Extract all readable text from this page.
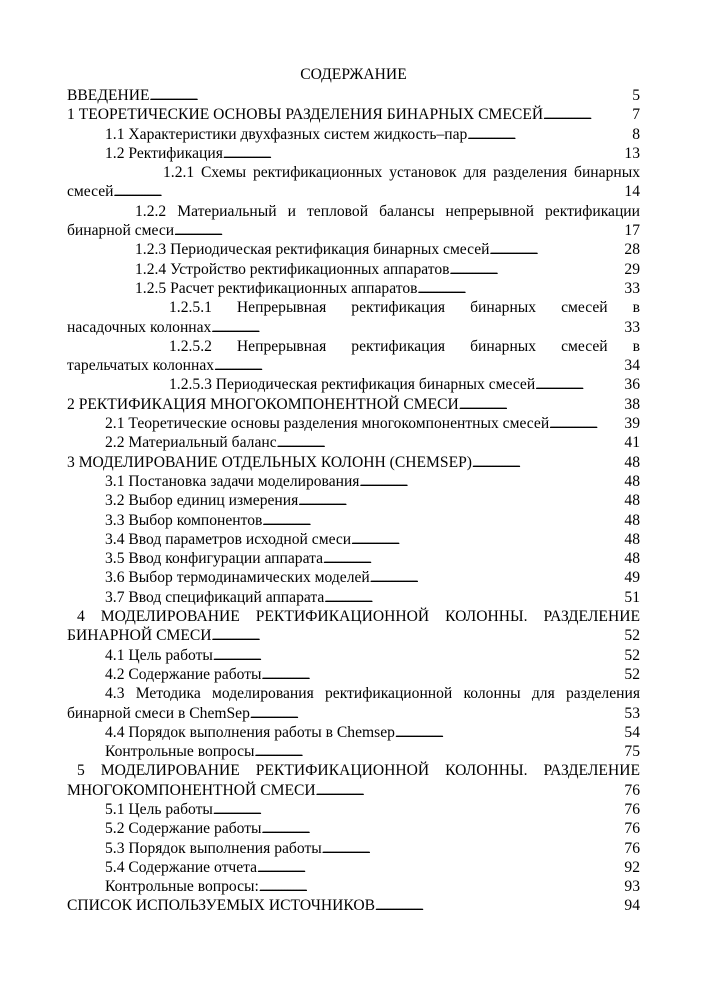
СОДЕРЖАНИЕ
ВВЕДЕНИЕ . . .	5
1 ТЕОРЕТИЧЕСКИЕ ОСНОВЫ РАЗДЕЛЕНИЯ БИНАРНЫХ СМЕСЕЙ . . .	7
1.1 Характеристики двухфазных систем жидкость–пар . . .	8
1.2 Ректификация . . .	13
1.2.1 Схемы ректификационных установок для разделения бинарных
смесей . . .	14
1.2.2 Материальный и тепловой балансы непрерывной ректификации
бинарной смеси . . .	17
1.2.3 Периодическая ректификация бинарных смесей . . .	28
1.2.4 Устройство ректификационных аппаратов . . .	29
1.2.5 Расчет ректификационных аппаратов . . .	33
1.2.5.1 Непрерывная ректификация бинарных смесей в
насадочных колоннах . . .	33
1.2.5.2 Непрерывная ректификация бинарных смесей в
тарельчатых колоннах . . .	34
1.2.5.3 Периодическая ректификация бинарных смесей . . .	36
2 РЕКТИФИКАЦИЯ МНОГОКОМПОНЕНТНОЙ СМЕСИ . . .	38
2.1 Теоретические основы разделения многокомпонентных смесей . . .	39
2.2 Материальный баланс . . .	41
3 МОДЕЛИРОВАНИЕ ОТДЕЛЬНЫХ КОЛОНН (CHEMSEP) . . .	48
3.1 Постановка задачи моделирования . . .	48
3.2 Выбор единиц измерения . . .	48
3.3 Выбор компонентов . . .	48
3.4 Ввод параметров исходной смеси . . .	48
3.5 Ввод конфигурации аппарата . . .	48
3.6 Выбор термодинамических моделей . . .	49
3.7 Ввод спецификаций аппарата . . .	51
4 МОДЕЛИРОВАНИЕ РЕКТИФИКАЦИОННОЙ КОЛОННЫ. РАЗДЕЛЕНИЕ
БИНАРНОЙ СМЕСИ . . .	52
4.1 Цель работы . . .	52
4.2 Содержание работы . . .	52
4.3 Методика моделирования ректификационной колонны для разделения
бинарной смеси в ChemSep . . .	53
4.4 Порядок выполнения работы в Chemsep . . .	54
Контрольные вопросы . . .	75
5 МОДЕЛИРОВАНИЕ РЕКТИФИКАЦИОННОЙ КОЛОННЫ. РАЗДЕЛЕНИЕ
МНОГОКОМПОНЕНТНОЙ СМЕСИ . . .	76
5.1 Цель работы . . .	76
5.2 Содержание работы . . .	76
5.3 Порядок выполнения работы . . .	76
5.4 Содержание отчета . . .	92
Контрольные вопросы: . . .	93
СПИСОК ИСПОЛЬЗУЕМЫХ ИСТОЧНИКОВ . . .	94
